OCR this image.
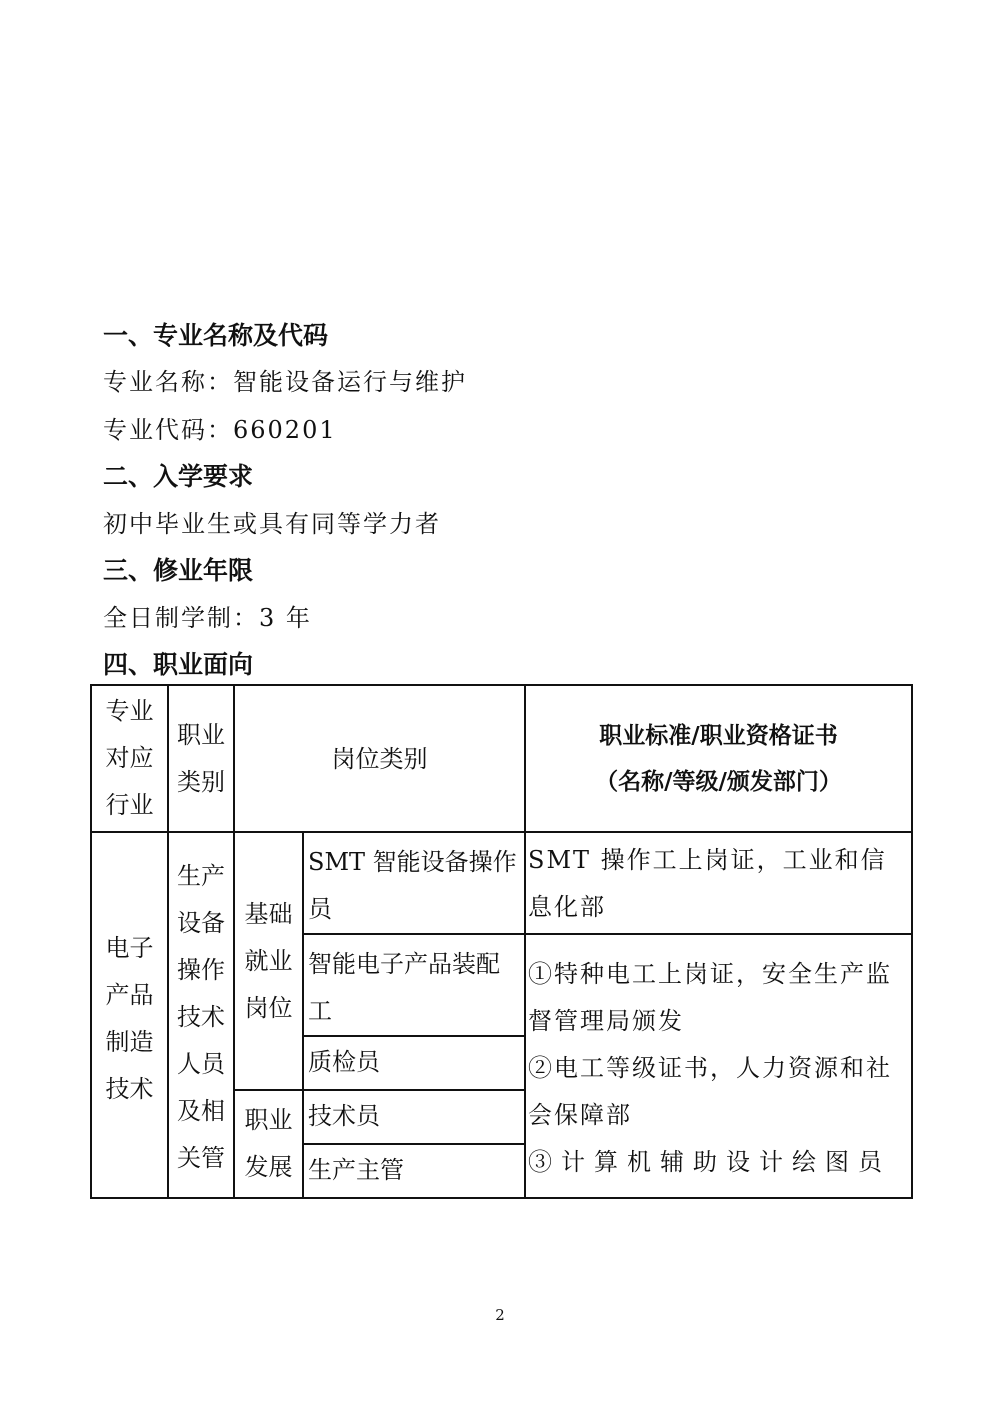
一、专业名称及代码
专业名称：智能设备运行与维护
专业代码：660201
二、入学要求
初中毕业生或具有同等学力者
三、修业年限
全日制学制：3 年
四、职业面向
专业对应行业	职业类别	岗位类别		职业标准/职业资格证书
（名称/等级/颁发部门）

电子产品制造技术	生产设备操作技术人员及相关管	基础就业岗位	SMT 智能设备操作员	SMT 操作工上岗证，工业和信息化部
			智能电子产品装配工	①特种电工上岗证，安全生产监督管理局颁发
②电工等级证书，人力资源和社会保障部
③计算机辅助设计绘图员

			质检员	
		职业发展	技术员	
			生产主管	
2
